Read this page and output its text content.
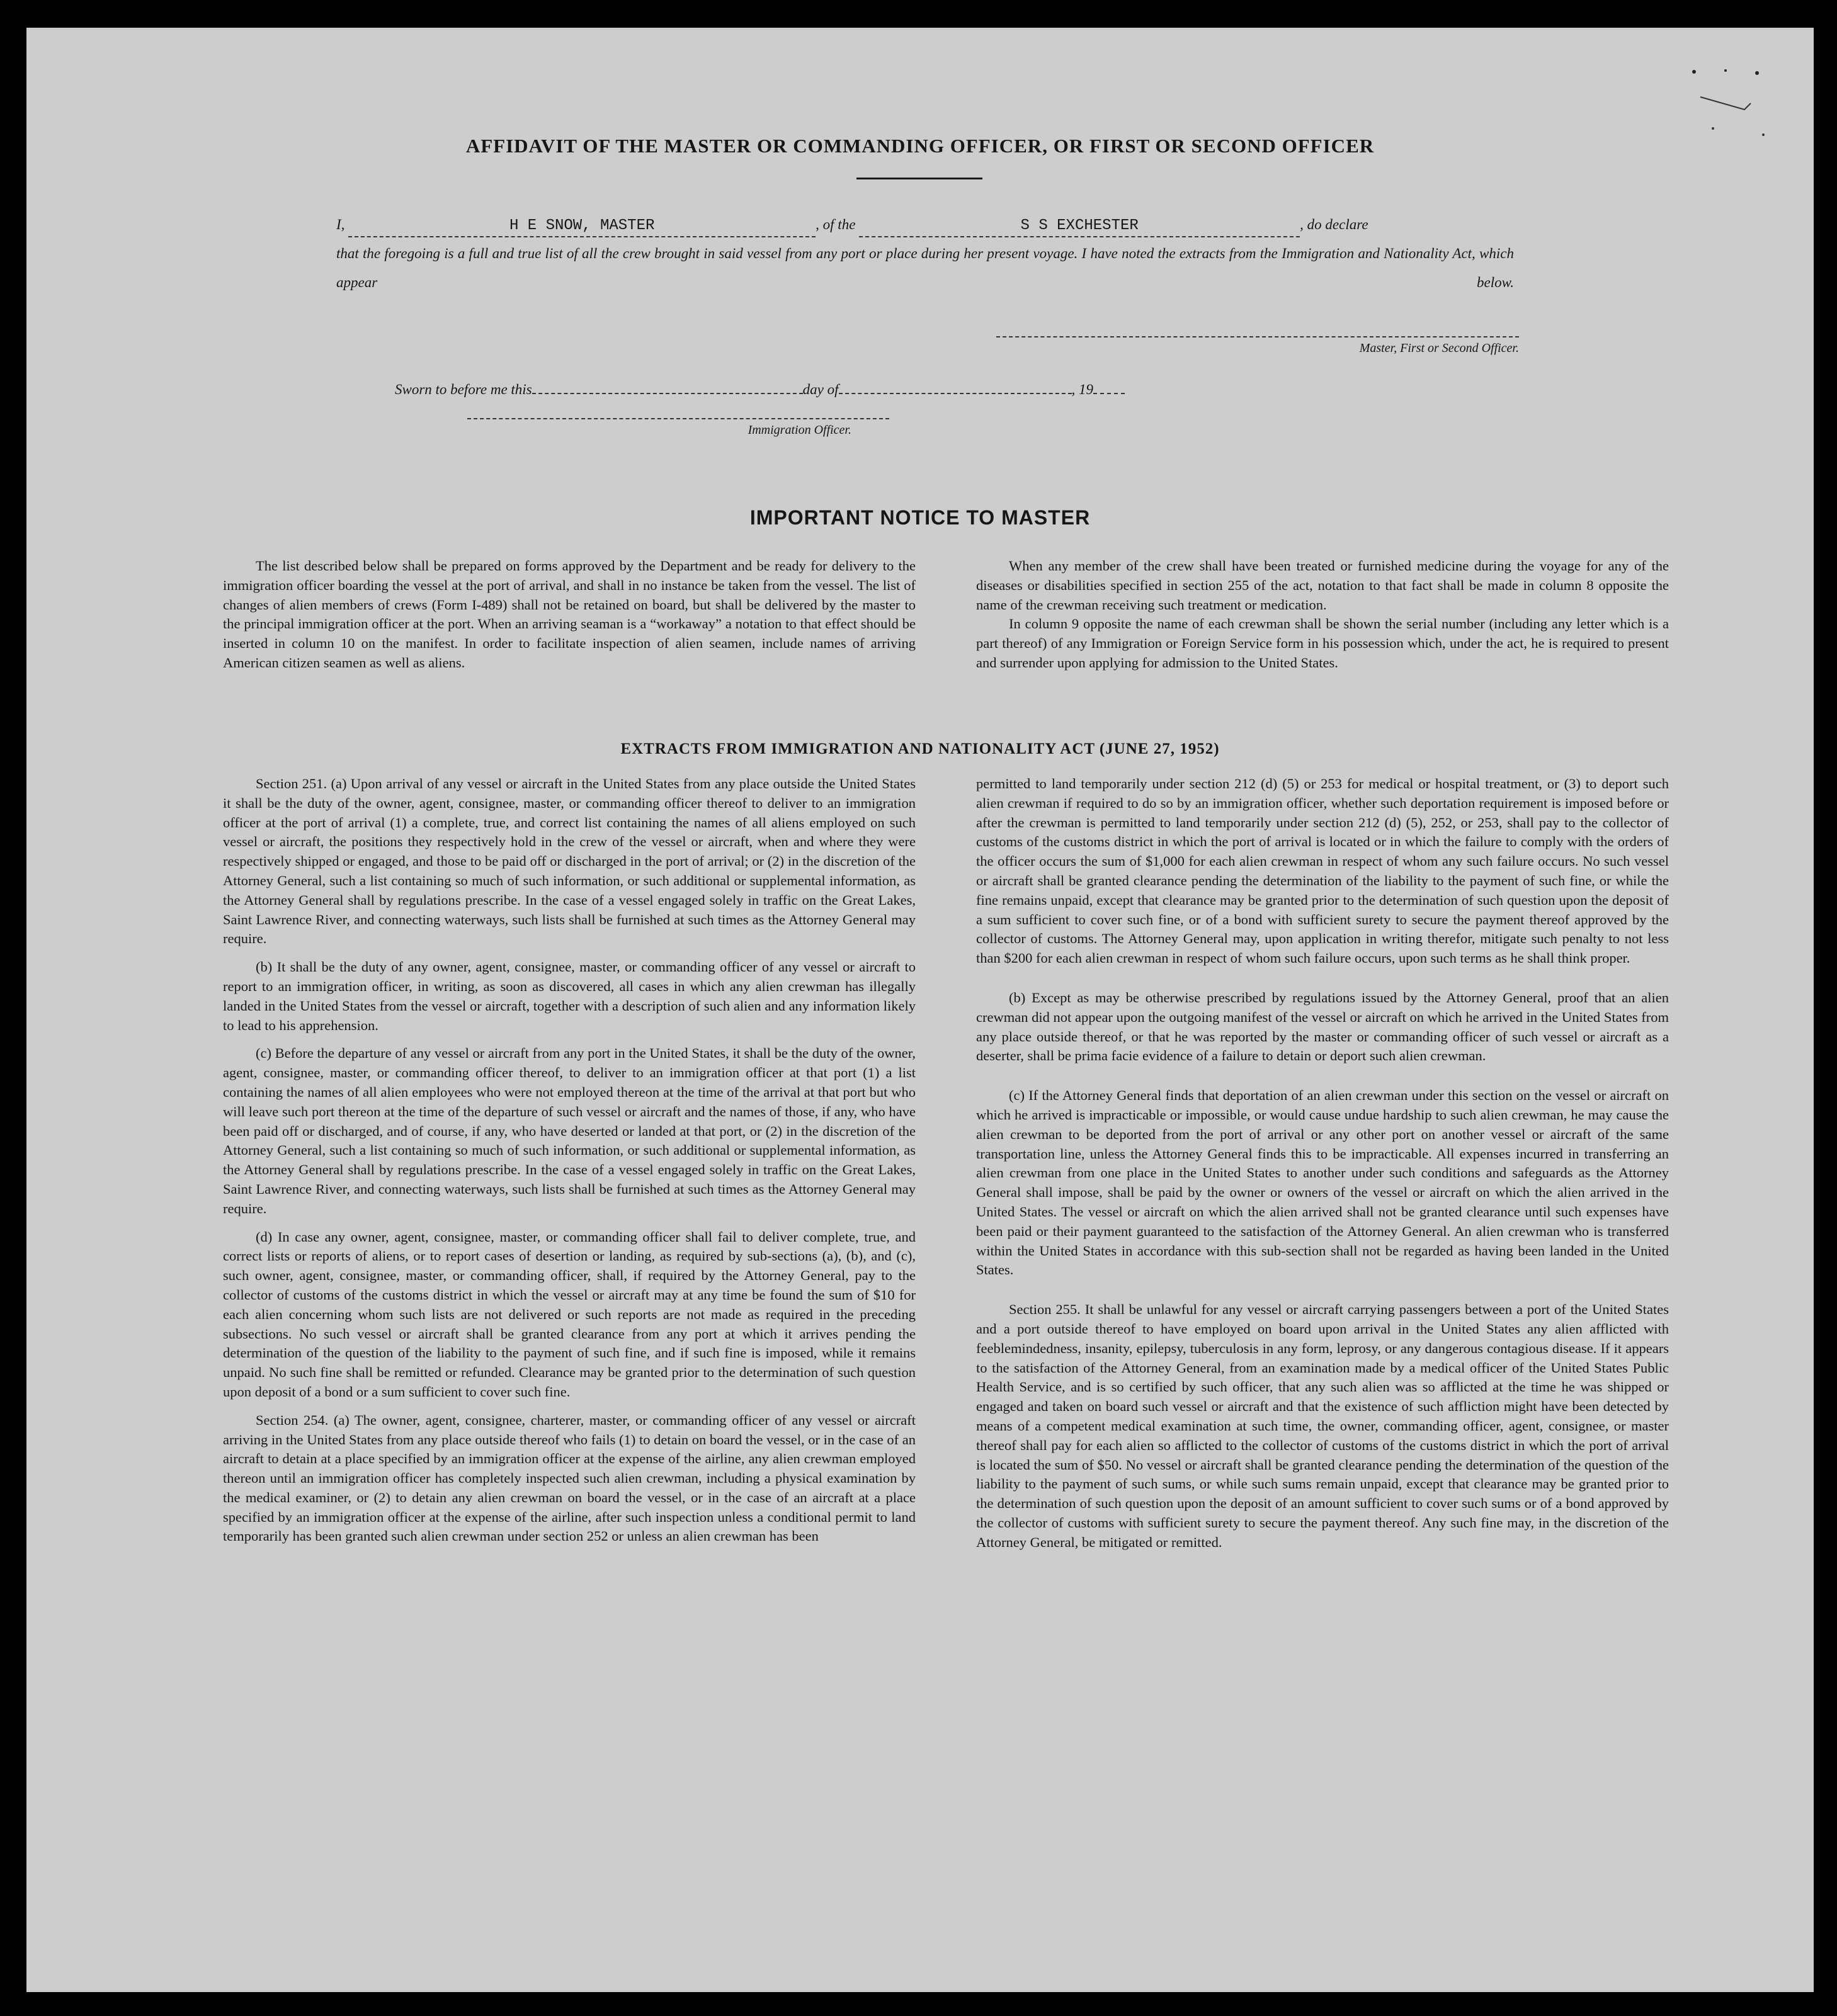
AFFIDAVIT OF THE MASTER OR COMMANDING OFFICER, OR FIRST OR SECOND OFFICER
I,	H E SNOW, MASTER	, of the	S S EXCHESTER	, do declare
that the foregoing is a full and true list of all the crew brought in said vessel from any port or place during her present voyage. I have noted the extracts from the Immigration and Nationality Act, which appear below.
Master, First or Second Officer.
Sworn to before me this	day of	, 19
Immigration Officer.
IMPORTANT NOTICE TO MASTER

The list described below shall be prepared on forms approved by the Department and be ready for delivery to the immigration officer boarding the vessel at the port of arrival, and shall in no instance be taken from the vessel. The list of changes of alien members of crews (Form I-489) shall not be retained on board, but shall be delivered by the master to the principal immigration officer at the port. When an arriving seaman is a “workaway” a notation to that effect should be inserted in column 10 on the manifest. In order to facilitate inspection of alien seamen, include names of arriving American citizen seamen as well as aliens.

When any member of the crew shall have been treated or furnished medicine during the voyage for any of the diseases or disabilities specified in section 255 of the act, notation to that fact shall be made in column 8 opposite the name of the crewman receiving such treatment or medication.

In column 9 opposite the name of each crewman shall be shown the serial number (including any letter which is a part thereof) of any Immigration or Foreign Service form in his possession which, under the act, he is required to present and surrender upon applying for admission to the United States.

EXTRACTS FROM IMMIGRATION AND NATIONALITY ACT (JUNE 27, 1952)

Section 251. (a) Upon arrival of any vessel or aircraft in the United States from any place outside the United States it shall be the duty of the owner, agent, consignee, master, or commanding officer thereof to deliver to an immigration officer at the port of arrival (1) a complete, true, and correct list containing the names of all aliens employed on such vessel or aircraft, the positions they respectively hold in the crew of the vessel or aircraft, when and where they were respectively shipped or engaged, and those to be paid off or discharged in the port of arrival; or (2) in the discretion of the Attorney General, such a list containing so much of such information, or such additional or supplemental information, as the Attorney General shall by regulations prescribe. In the case of a vessel engaged solely in traffic on the Great Lakes, Saint Lawrence River, and connecting waterways, such lists shall be furnished at such times as the Attorney General may require.

(b) It shall be the duty of any owner, agent, consignee, master, or commanding officer of any vessel or aircraft to report to an immigration officer, in writing, as soon as discovered, all cases in which any alien crewman has illegally landed in the United States from the vessel or aircraft, together with a description of such alien and any information likely to lead to his apprehension.

(c) Before the departure of any vessel or aircraft from any port in the United States, it shall be the duty of the owner, agent, consignee, master, or commanding officer thereof, to deliver to an immigration officer at that port (1) a list containing the names of all alien employees who were not employed thereon at the time of the arrival at that port but who will leave such port thereon at the time of the departure of such vessel or aircraft and the names of those, if any, who have been paid off or discharged, and of course, if any, who have deserted or landed at that port, or (2) in the discretion of the Attorney General, such a list containing so much of such information, or such additional or supplemental information, as the Attorney General shall by regulations prescribe. In the case of a vessel engaged solely in traffic on the Great Lakes, Saint Lawrence River, and connecting waterways, such lists shall be furnished at such times as the Attorney General may require.

(d) In case any owner, agent, consignee, master, or commanding officer shall fail to deliver complete, true, and correct lists or reports of aliens, or to report cases of desertion or landing, as required by sub-sections (a), (b), and (c), such owner, agent, consignee, master, or commanding officer, shall, if required by the Attorney General, pay to the collector of customs of the customs district in which the vessel or aircraft may at any time be found the sum of $10 for each alien concerning whom such lists are not delivered or such reports are not made as required in the preceding subsections. No such vessel or aircraft shall be granted clearance from any port at which it arrives pending the determination of the question of the liability to the payment of such fine, and if such fine is imposed, while it remains unpaid. No such fine shall be remitted or refunded. Clearance may be granted prior to the determination of such question upon deposit of a bond or a sum sufficient to cover such fine.

Section 254. (a) The owner, agent, consignee, charterer, master, or commanding officer of any vessel or aircraft arriving in the United States from any place outside thereof who fails (1) to detain on board the vessel, or in the case of an aircraft to detain at a place specified by an immigration officer at the expense of the airline, any alien crewman employed thereon until an immigration officer has completely inspected such alien crewman, including a physical examination by the medical examiner, or (2) to detain any alien crewman on board the vessel, or in the case of an aircraft at a place specified by an immigration officer at the expense of the airline, after such inspection unless a conditional permit to land temporarily has been granted such alien crewman under section 252 or unless an alien crewman has been

permitted to land temporarily under section 212 (d) (5) or 253 for medical or hospital treatment, or (3) to deport such alien crewman if required to do so by an immigration officer, whether such deportation requirement is imposed before or after the crewman is permitted to land temporarily under section 212 (d) (5), 252, or 253, shall pay to the collector of customs of the customs district in which the port of arrival is located or in which the failure to comply with the orders of the officer occurs the sum of $1,000 for each alien crewman in respect of whom any such failure occurs. No such vessel or aircraft shall be granted clearance pending the determination of the liability to the payment of such fine, or while the fine remains unpaid, except that clearance may be granted prior to the determination of such question upon the deposit of a sum sufficient to cover such fine, or of a bond with sufficient surety to secure the payment thereof approved by the collector of customs. The Attorney General may, upon application in writing therefor, mitigate such penalty to not less than $200 for each alien crewman in respect of whom such failure occurs, upon such terms as he shall think proper.

(b) Except as may be otherwise prescribed by regulations issued by the Attorney General, proof that an alien crewman did not appear upon the outgoing manifest of the vessel or aircraft on which he arrived in the United States from any place outside thereof, or that he was reported by the master or commanding officer of such vessel or aircraft as a deserter, shall be prima facie evidence of a failure to detain or deport such alien crewman.

(c) If the Attorney General finds that deportation of an alien crewman under this section on the vessel or aircraft on which he arrived is impracticable or impossible, or would cause undue hardship to such alien crewman, he may cause the alien crewman to be deported from the port of arrival or any other port on another vessel or aircraft of the same transportation line, unless the Attorney General finds this to be impracticable. All expenses incurred in transferring an alien crewman from one place in the United States to another under such conditions and safeguards as the Attorney General shall impose, shall be paid by the owner or owners of the vessel or aircraft on which the alien arrived in the United States. The vessel or aircraft on which the alien arrived shall not be granted clearance until such expenses have been paid or their payment guaranteed to the satisfaction of the Attorney General. An alien crewman who is transferred within the United States in accordance with this sub-section shall not be regarded as having been landed in the United States.

Section 255. It shall be unlawful for any vessel or aircraft carrying passengers between a port of the United States and a port outside thereof to have employed on board upon arrival in the United States any alien afflicted with feeblemindedness, insanity, epilepsy, tuberculosis in any form, leprosy, or any dangerous contagious disease. If it appears to the satisfaction of the Attorney General, from an examination made by a medical officer of the United States Public Health Service, and is so certified by such officer, that any such alien was so afflicted at the time he was shipped or engaged and taken on board such vessel or aircraft and that the existence of such affliction might have been detected by means of a competent medical examination at such time, the owner, commanding officer, agent, consignee, or master thereof shall pay for each alien so afflicted to the collector of customs of the customs district in which the port of arrival is located the sum of $50. No vessel or aircraft shall be granted clearance pending the determination of the question of the liability to the payment of such sums, or while such sums remain unpaid, except that clearance may be granted prior to the determination of such question upon the deposit of an amount sufficient to cover such sums or of a bond approved by the collector of customs with sufficient surety to secure the payment thereof. Any such fine may, in the discretion of the Attorney General, be mitigated or remitted.
